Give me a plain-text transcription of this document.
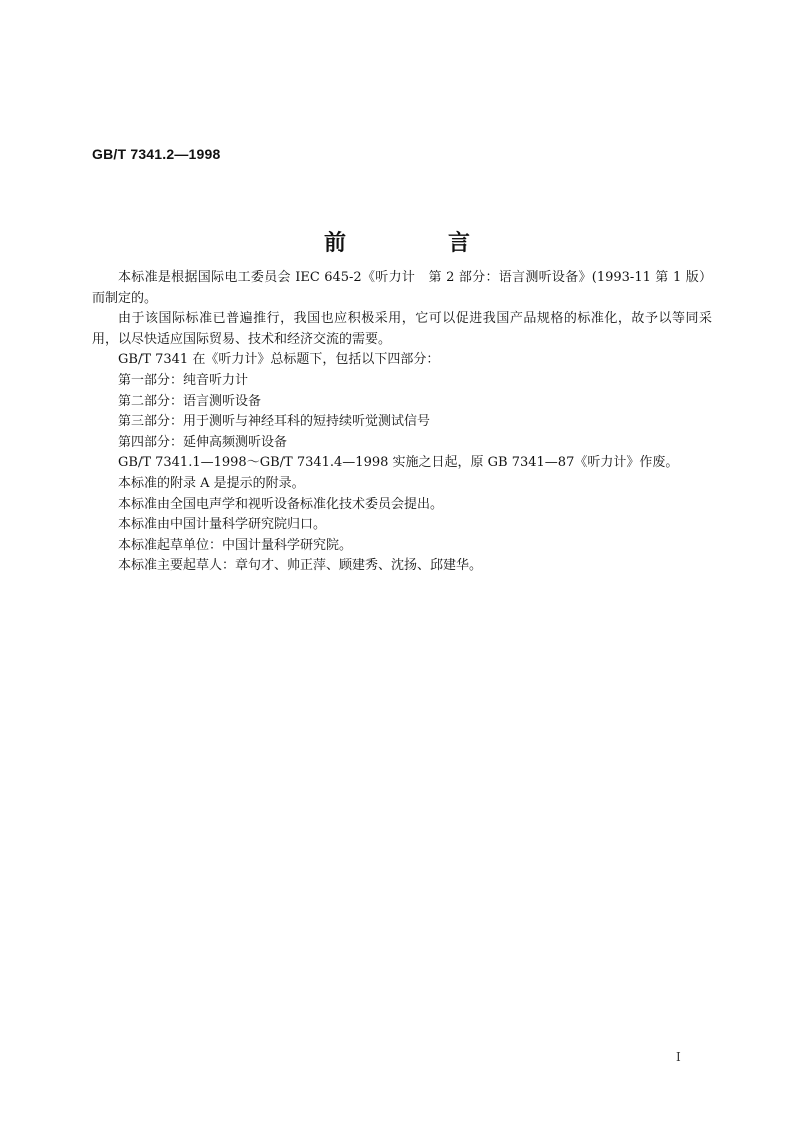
GB/T 7341.2—1998
前　言

本标准是根据国际电工委员会 IEC 645-2《听力计　第 2 部分：语言测听设备》(1993-11 第 1 版）而制定的。

由于该国际标准已普遍推行，我国也应积极采用，它可以促进我国产品规格的标准化，故予以等同采用，以尽快适应国际贸易、技术和经济交流的需要。

GB/T 7341 在《听力计》总标题下，包括以下四部分：

第一部分：纯音听力计

第二部分：语言测听设备

第三部分：用于测听与神经耳科的短持续听觉测试信号

第四部分：延伸高频测听设备

GB/T 7341.1—1998～GB/T 7341.4—1998 实施之日起，原 GB 7341—87《听力计》作废。

本标准的附录 A 是提示的附录。

本标准由全国电声学和视听设备标准化技术委员会提出。

本标准由中国计量科学研究院归口。

本标准起草单位：中国计量科学研究院。

本标准主要起草人：章句才、帅正萍、顾建秀、沈扬、邱建华。

I
